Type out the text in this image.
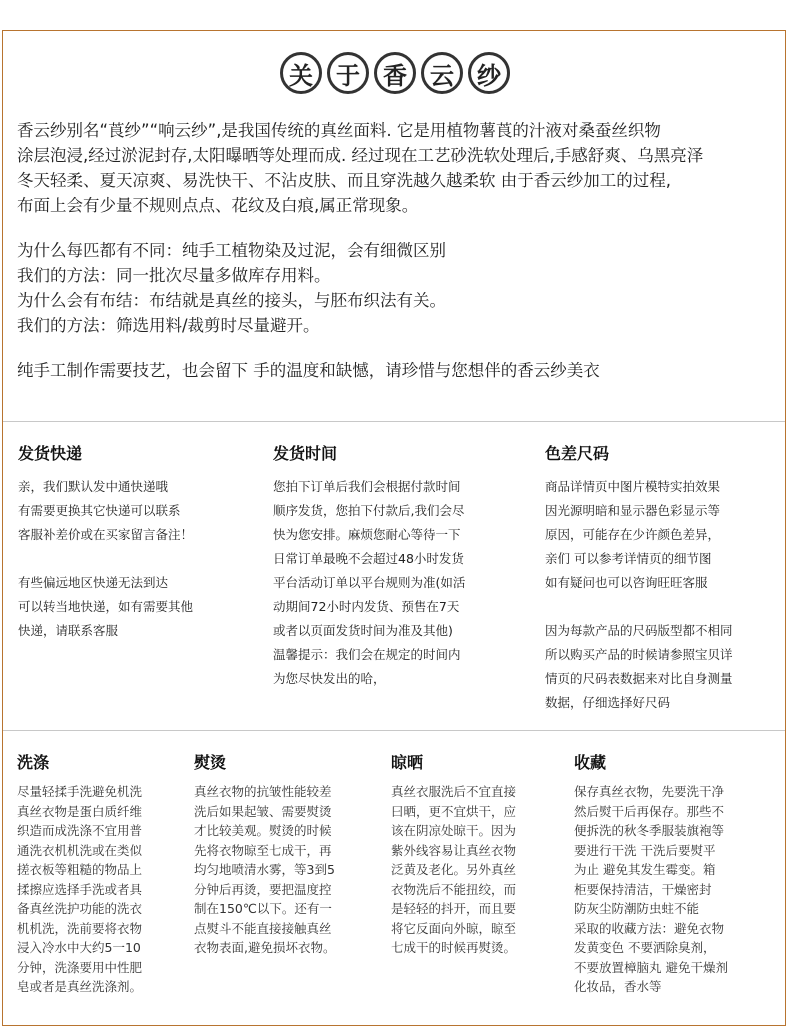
关 于 香 云 纱

香云纱别名“莨纱”“响云纱”,是我国传统的真丝面料. 它是用植物薯莨的汁液对桑蚕丝织物

涂层泡浸,经过淤泥封存,太阳曝晒等处理而成. 经过现在工艺砂洗软处理后,手感舒爽、乌黑亮泽

冬天轻柔、夏天凉爽、易洗快干、不沾皮肤、而且穿洗越久越柔软 由于香云纱加工的过程,

布面上会有少量不规则点点、花纹及白痕,属正常现象。

为什么每匹都有不同：纯手工植物染及过泥，会有细微区别

我们的方法：同一批次尽量多做库存用料。

为什么会有布结：布结就是真丝的接头，与胚布织法有关。

我们的方法：筛选用料/裁剪时尽量避开。

纯手工制作需要技艺，也会留下 手的温度和缺憾，请珍惜与您想伴的香云纱美衣

发货快递
亲，我们默认发中通快递哦
有需要更换其它快递可以联系
客服补差价或在买家留言备注！
有些偏远地区快递无法到达
可以转当地快递，如有需要其他
快递，请联系客服
发货时间
您拍下订单后我们会根据付款时间
顺序发货，您拍下付款后,我们会尽
快为您安排。麻烦您耐心等待一下
日常订单最晚不会超过48小时发货
平台活动订单以平台规则为准(如活
动期间72小时内发货、预售在7天
或者以页面发货时间为准及其他)
温馨提示：我们会在规定的时间内
为您尽快发出的哈，
色差尺码
商品详情页中图片模特实拍效果
因光源明暗和显示器色彩显示等
原因，可能存在少许颜色差异，
亲们 可以参考详情页的细节图
如有疑问也可以咨询旺旺客服
因为每款产品的尺码版型都不相同
所以购买产品的时候请参照宝贝详
情页的尺码表数据来对比自身测量
数据，仔细选择好尺码
洗涤
尽量轻揉手洗避免机洗
真丝衣物是蛋白质纤维
织造而成洗涤不宜用普
通洗衣机机洗或在类似
搓衣板等粗糙的物品上
揉擦应选择手洗或者具
备真丝洗护功能的洗衣
机机洗，洗前要将衣物
浸入冷水中大约5一10
分钟，洗涤要用中性肥
皂或者是真丝洗涤剂。
熨烫
真丝衣物的抗皱性能较差
洗后如果起皱、需要熨烫
才比较美观。熨烫的时候
先将衣物晾至七成干，再
均匀地喷清水雾，等3到5
分钟后再烫，要把温度控
制在150℃以下。还有一
点熨斗不能直接接触真丝
衣物表面,避免损坏衣物。
晾晒
真丝衣服洗后不宜直接
曰晒，更不宜烘干，应
该在阴凉处晾干。因为
紫外线容易让真丝衣物
泛黄及老化。另外真丝
衣物洗后不能扭绞，而
是轻轻的抖开，而且要
将它反面向外晾，晾至
七成干的时候再熨烫。
收藏
保存真丝衣物，先要洗干净
然后熨干后再保存。那些不
便拆洗的秋冬季服装旗袍等
要进行干洗 干洗后要熨平
为止 避免其发生霉变。箱
柜要保持清洁，干燥密封
防灰尘防潮防虫蛀不能
采取的收藏方法：避免衣物
发黄变色 不要洒除臭剂，
不要放置樟脑丸 避免干燥剂
化妆品，香水等
